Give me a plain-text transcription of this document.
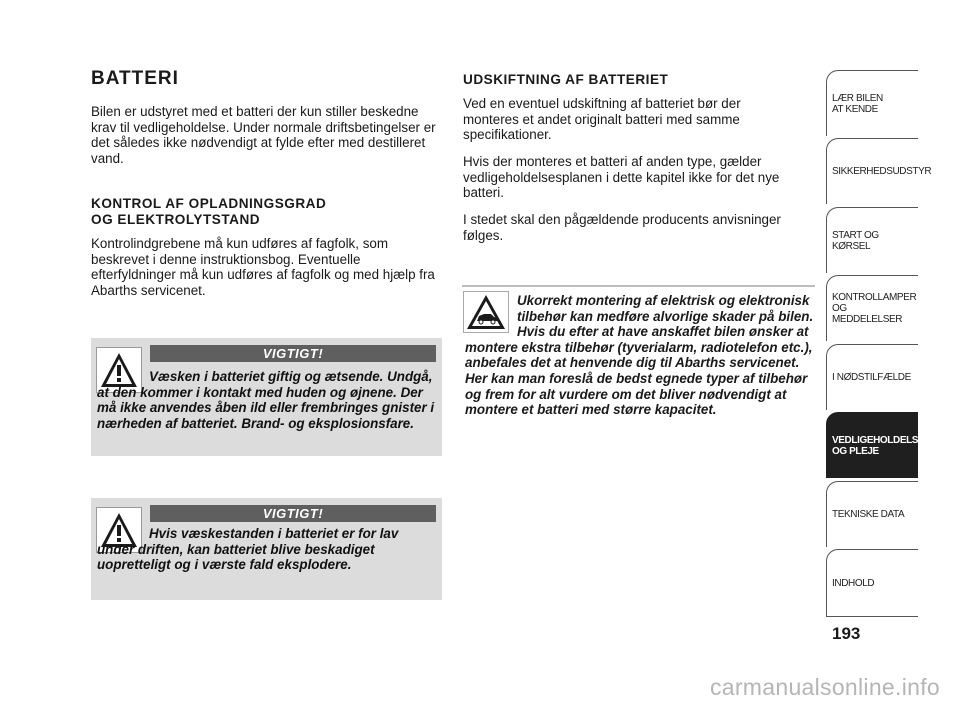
BATTERI

Bilen er udstyret med et batteri der kun stiller beskedne krav til vedligeholdelse. Under normale driftsbetingelser er det således ikke nødvendigt at fylde efter med destilleret vand.

KONTROL AF OPLADNINGSGRAD

OG ELEKTROLYTSTAND

Kontrolindgrebene må kun udføres af fagfolk, som beskrevet i denne instruktionsbog. Eventuelle efterfyldninger må kun udføres af fagfolk og med hjælp fra Abarths servicenet.

VIGTIGT!

Væsken i batteriet giftig og ætsende. Undgå, at den kommer i kontakt med huden og øjnene. Der må ikke anvendes åben ild eller frembringes gnister i nærheden af batteriet. Brand- og eksplosionsfare.

VIGTIGT!

Hvis væskestanden i batteriet er for lav under driften, kan batteriet blive beskadiget uopretteligt og i værste fald eksplodere.

UDSKIFTNING AF BATTERIET

Ved en eventuel udskiftning af batteriet bør der monteres et andet originalt batteri med samme specifikationer.

Hvis der monteres et batteri af anden type, gælder vedligeholdelsesplanen i dette kapitel ikke for det nye batteri.

I stedet skal den pågældende producents anvisninger følges.

Ukorrekt montering af elektrisk og elektronisk tilbehør kan medføre alvorlige skader på bilen. Hvis du efter at have anskaffet bilen ønsker at montere ekstra tilbehør (tyverialarm, radiotelefon etc.), anbefales det at henvende dig til Abarths servicenet. Her kan man foreslå de bedst egnede typer af tilbehør og frem for alt vurdere om det bliver nødvendigt at montere et batteri med større kapacitet.

LÆR BILEN
AT KENDE
SIKKERHEDSUDSTYR
START OG KØRSEL
KONTROLLAMPER
OG MEDDELELSER
I NØDSTILFÆLDE
VEDLIGEHOLDELSE
OG PLEJE
TEKNISKE DATA
INDHOLD

193

carmanualsonline.info
